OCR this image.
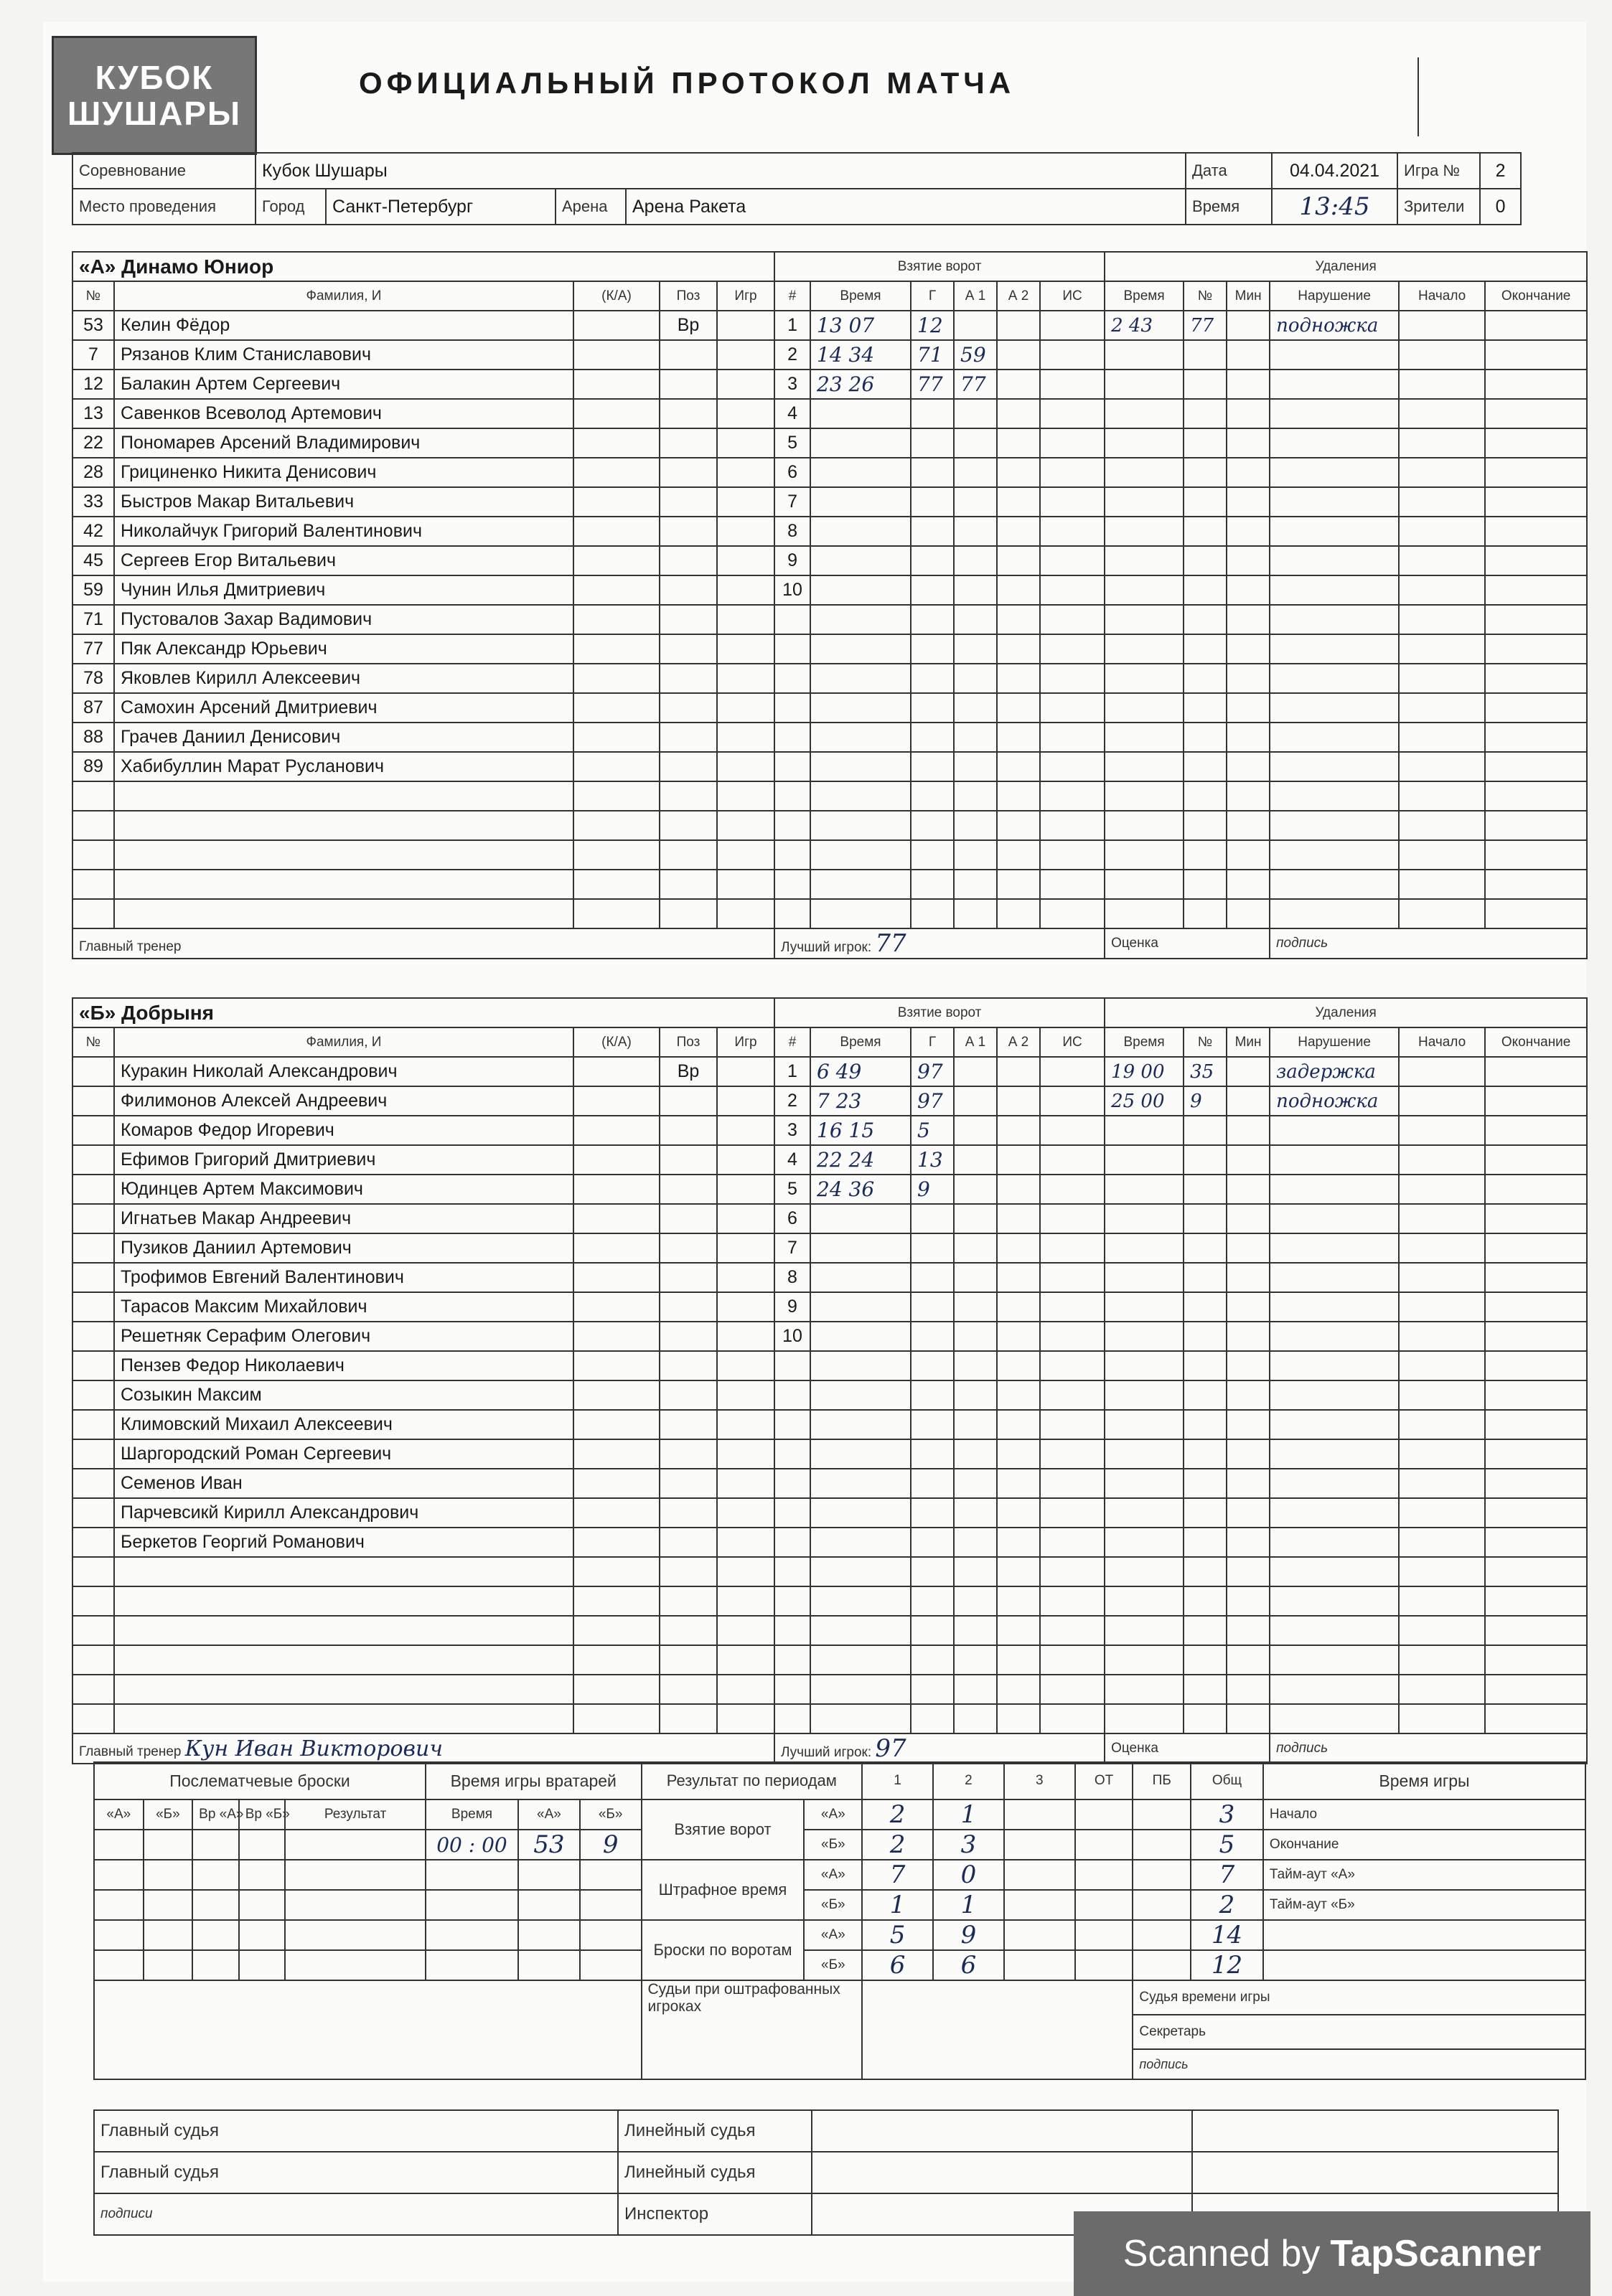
КУБОК ШУШАРЫ
ОФИЦИАЛЬНЫЙ ПРОТОКОЛ МАТЧА
Соревнование	Кубок Шушары				Дата	04.04.2021	Игра №	2
Место проведения	Город	Санкт-Петербург	Арена	Арена Ракета	Время	13:45	Зрители	0
«А» Динамо Юниор					Взятие ворот						Удаления					
№	Фамилия, И	(К/А)	Поз	Игр	#	Время	Г	А 1	А 2	ИС	Время	№	Мин	Нарушение	Начало	Окончание
53	Келин Фёдор		Вр		1	13 07	12				2 43	77		подножка		
7	Рязанов Клим Станиславович				2	14 34	71	59								
12	Балакин Артем Сергеевич				3	23 26	77	77								
13	Савенков Всеволод Артемович				4											
22	Пономарев Арсений Владимирович				5											
28	Грициненко Никита Денисович				6											
33	Быстров Макар Витальевич				7											
42	Николайчук Григорий Валентинович				8											
45	Сергеев Егор Витальевич				9											
59	Чунин Илья Дмитриевич				10											
71	Пустовалов Захар Вадимович															
77	Пяк Александр Юрьевич															
78	Яковлев Кирилл Алексеевич															
87	Самохин Арсений Дмитриевич															
88	Грачев Даниил Денисович															
89	Хабибуллин Марат Русланович															

Главный тренер					Лучший игрок: 77						Оценка			подпись		
«Б» Добрыня					Взятие ворот						Удаления					
№	Фамилия, И	(К/А)	Поз	Игр	#	Время	Г	А 1	А 2	ИС	Время	№	Мин	Нарушение	Начало	Окончание
	Куракин Николай Александрович		Вр		1	6 49	97				19 00	35		задержка		
	Филимонов Алексей Андреевич				2	7 23	97				25 00	9		подножка		
	Комаров Федор Игоревич				3	16 15	5									
	Ефимов Григорий Дмитриевич				4	22 24	13									
	Юдинцев Артем Максимович				5	24 36	9									
	Игнатьев Макар Андреевич				6											
	Пузиков Даниил Артемович				7											
	Трофимов Евгений Валентинович				8											
	Тарасов Максим Михайлович				9											
	Решетняк Серафим Олегович				10											
	Пензев Федор Николаевич															
	Созыкин Максим															
	Климовский Михаил Алексеевич															
	Шаргородский Роман Сергеевич															
	Семенов Иван															
	Парчевсикй Кирилл Александрович															
	Беркетов Георгий Романович															

Главный тренер Кун Иван Викторович					Лучший игрок: 97						Оценка			подпись		
Послематчевые броски					Время игры вратарей			Результат по периодам		1	2	3	ОТ	ПБ	Общ	Время игры
«А»	«Б»	Вр «А»	Вр «Б»	Результат	Время	«А»	«Б»	Взятие ворот	«А»	2	1				3	Начало
					00 : 00	53	9		«Б»	2	3				5	Окончание
								Штрафное время	«А»	7	0				7	Тайм-аут «А»
									«Б»	1	1				2	Тайм-аут «Б»
								Броски по воротам	«А»	5	9				14	
									«Б»	6	6				12	
								Судьи при оштрафованных игроках						Судья времени игры		
														Секретарь		
														подпись		
Главный судья	Линейный судья		
Главный судья	Линейный судья		
подписи	Инспектор		
Scanned by TapScanner
